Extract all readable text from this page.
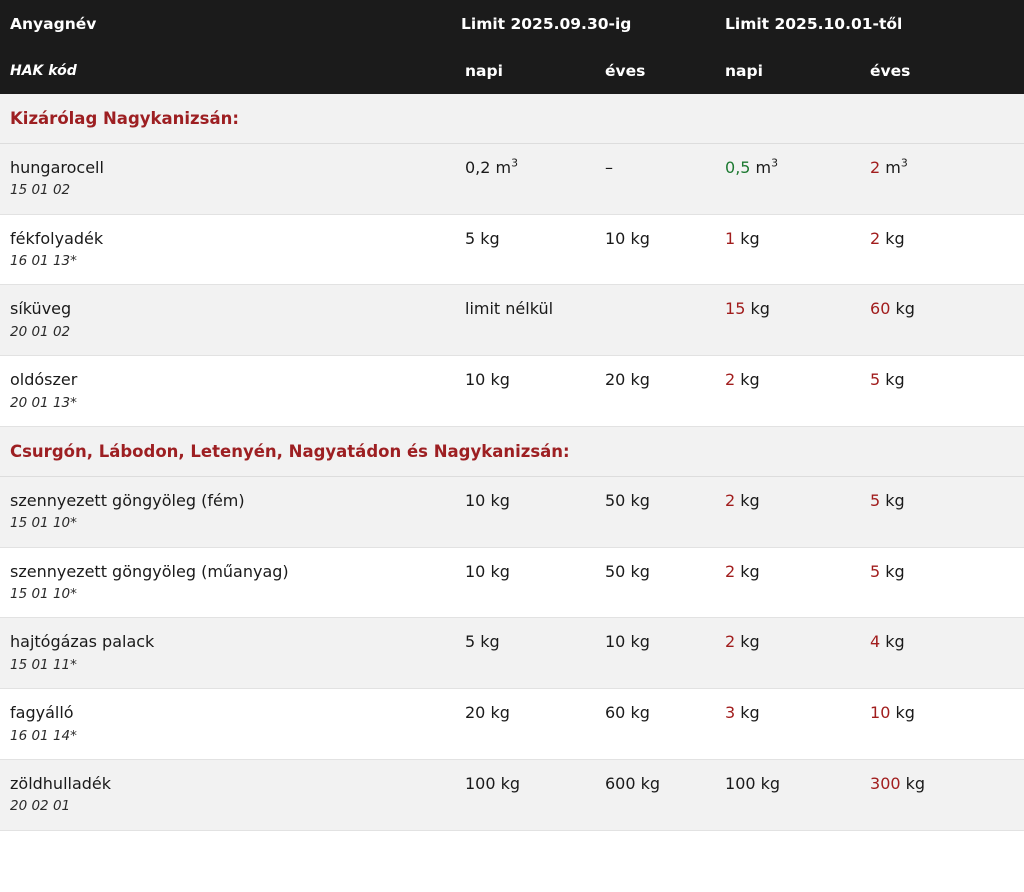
Anyagnév	Limit 2025.09.30-ig		Limit 2025.10.01-től	

HAK kód	napi	éves	napi	éves

Kizárólag Nagykanizsán:				

hungarocell
15 01 02	0,2 $m^3$	–	0,5 $m^3$	2 $m^3$

fékfolyadék
16 01 13*	5 kg	10 kg	1 kg	2 kg

síküveg
20 01 02	limit nélkül		15 kg	60 kg

oldószer
20 01 13*	10 kg	20 kg	2 kg	5 kg
Csurgón, Lábodon, Letenyén, Nagyatádon és Nagykanizsán:				

szennyezett göngyöleg (fém)
15 01 10*	10 kg	50 kg	2 kg	5 kg

szennyezett göngyöleg (műanyag)
15 01 10*	10 kg	50 kg	2 kg	5 kg

hajtógázas palack
15 01 11*	5 kg	10 kg	2 kg	4 kg

fagyálló
16 01 14*	20 kg	60 kg	3 kg	10 kg

zöldhulladék
20 02 01	100 kg	600 kg	100 kg	300 kg
